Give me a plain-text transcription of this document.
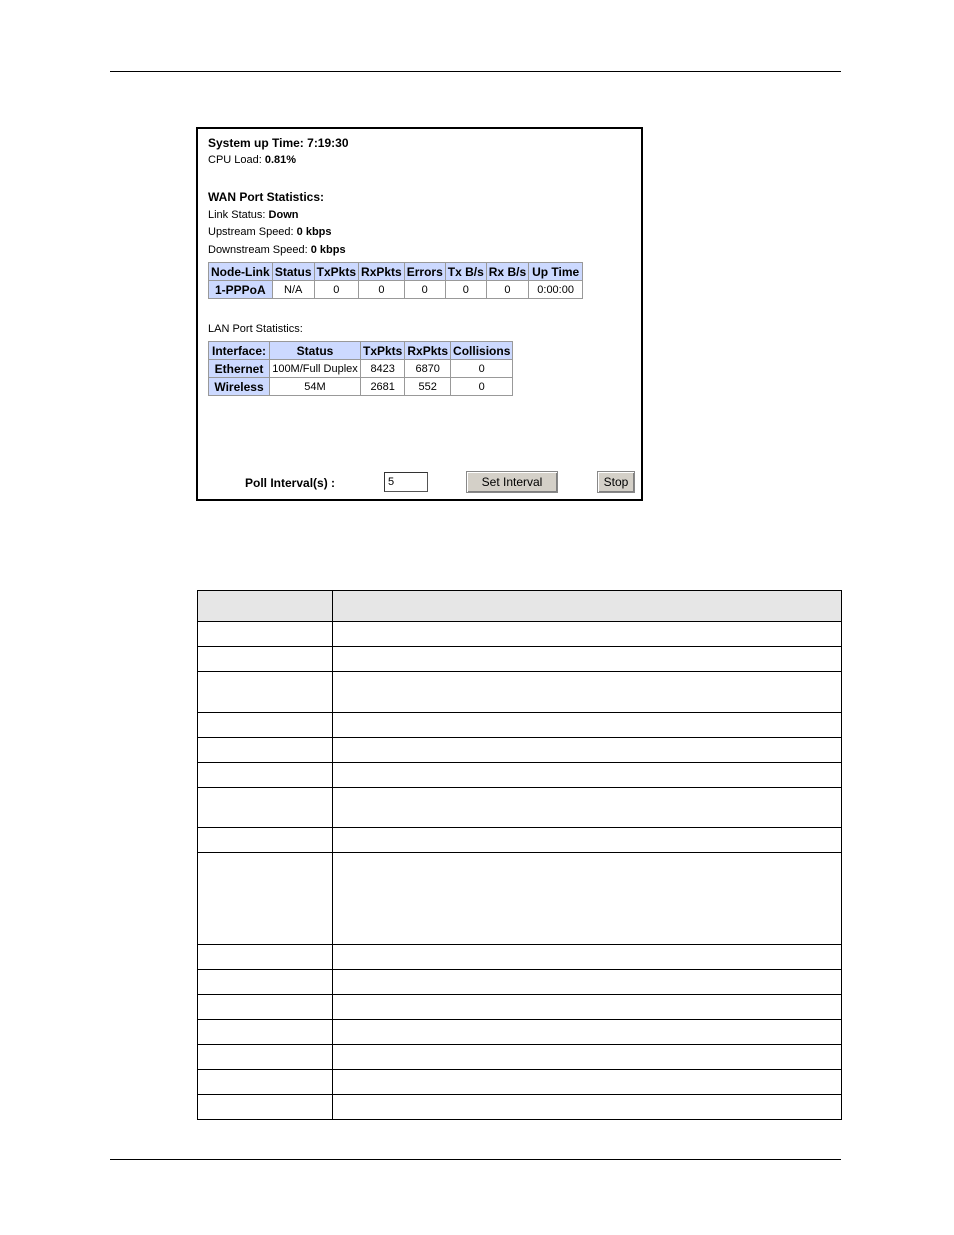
System up Time: 7:19:30
CPU Load: 0.81%
WAN Port Statistics:
Link Status: Down
Upstream Speed: 0 kbps
Downstream Speed: 0 kbps
Node-Link	Status	TxPkts	RxPkts	Errors	Tx B/s	Rx B/s	Up Time
1-PPPoA	N/A	0	0	0	0	0	0:00:00
LAN Port Statistics:
Interface:	Status	TxPkts	RxPkts	Collisions
Ethernet	100M/Full Duplex	8423	6870	0
Wireless	54M	2681	552	0
Poll Interval(s) :
5	Set Interval	Stop
